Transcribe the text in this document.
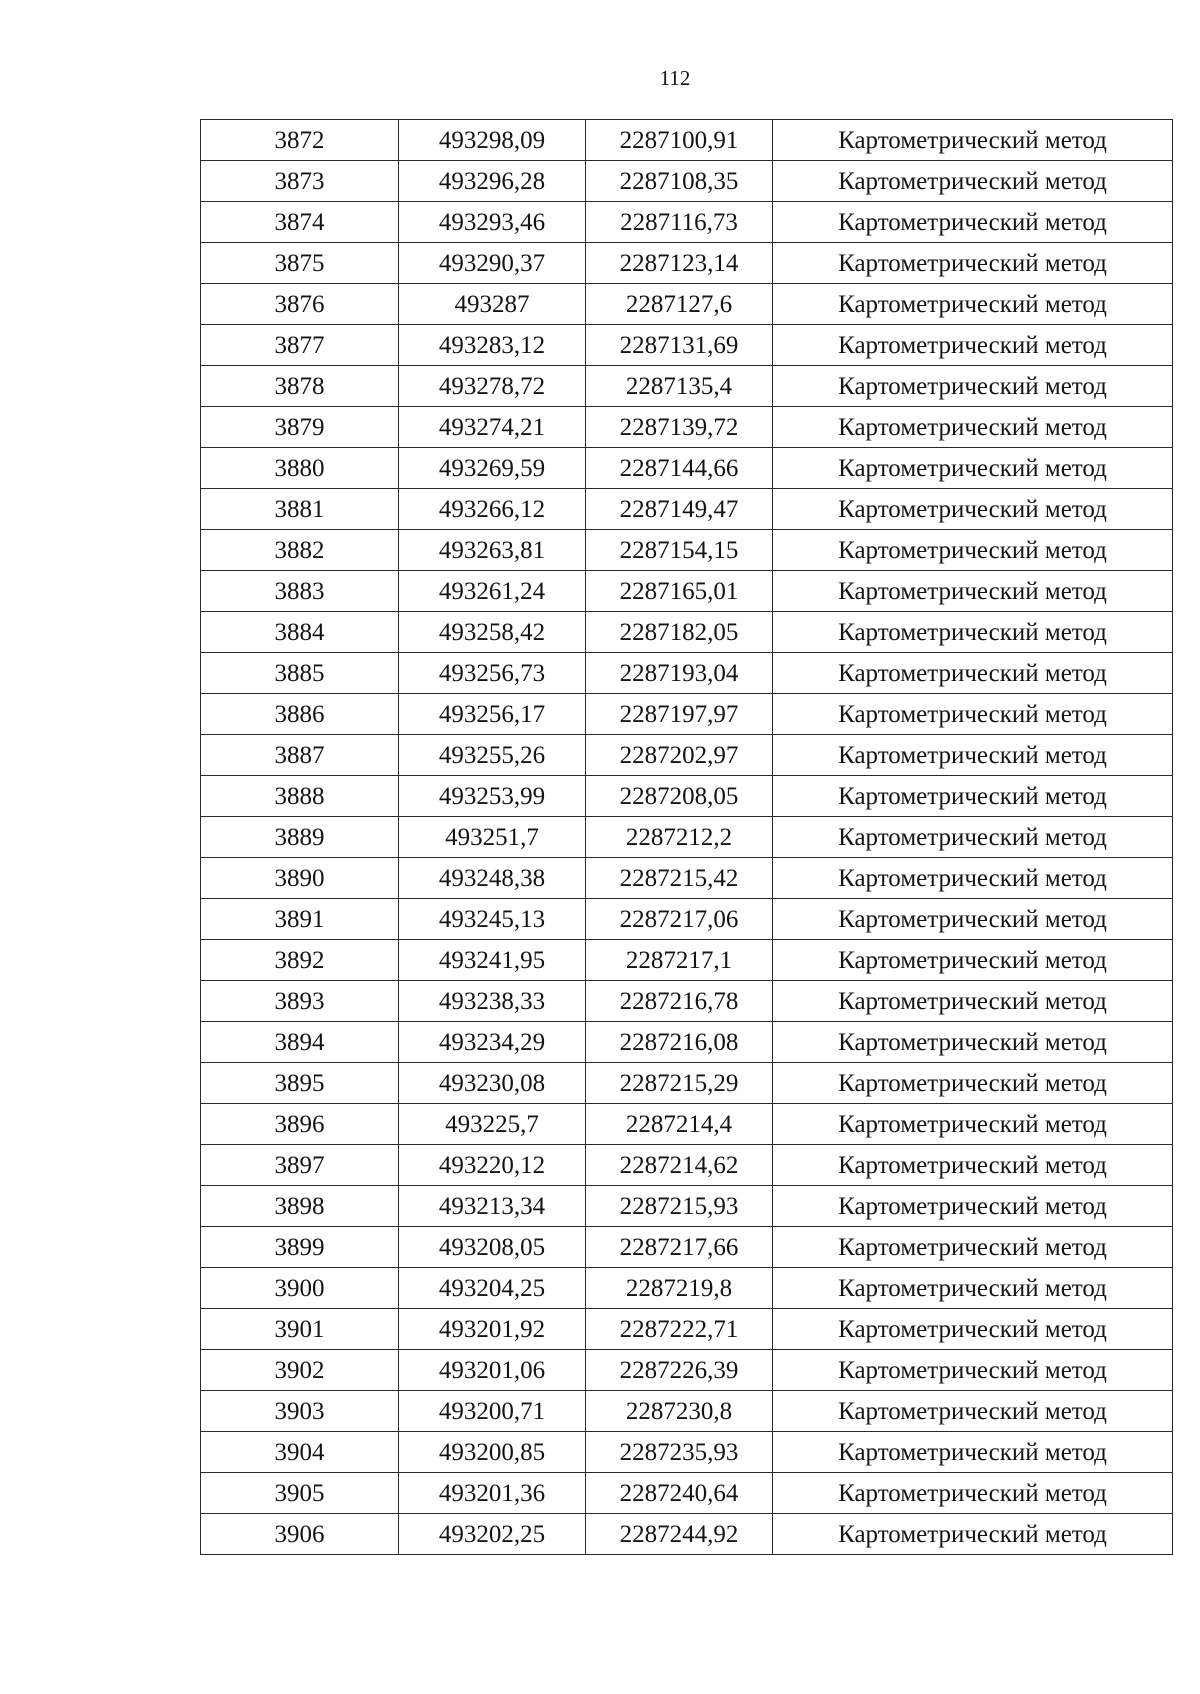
112
3872	493298,09	2287100,91	Картометрический метод
3873	493296,28	2287108,35	Картометрический метод
3874	493293,46	2287116,73	Картометрический метод
3875	493290,37	2287123,14	Картометрический метод
3876	493287	2287127,6	Картометрический метод
3877	493283,12	2287131,69	Картометрический метод
3878	493278,72	2287135,4	Картометрический метод
3879	493274,21	2287139,72	Картометрический метод
3880	493269,59	2287144,66	Картометрический метод
3881	493266,12	2287149,47	Картометрический метод
3882	493263,81	2287154,15	Картометрический метод
3883	493261,24	2287165,01	Картометрический метод
3884	493258,42	2287182,05	Картометрический метод
3885	493256,73	2287193,04	Картометрический метод
3886	493256,17	2287197,97	Картометрический метод
3887	493255,26	2287202,97	Картометрический метод
3888	493253,99	2287208,05	Картометрический метод
3889	493251,7	2287212,2	Картометрический метод
3890	493248,38	2287215,42	Картометрический метод
3891	493245,13	2287217,06	Картометрический метод
3892	493241,95	2287217,1	Картометрический метод
3893	493238,33	2287216,78	Картометрический метод
3894	493234,29	2287216,08	Картометрический метод
3895	493230,08	2287215,29	Картометрический метод
3896	493225,7	2287214,4	Картометрический метод
3897	493220,12	2287214,62	Картометрический метод
3898	493213,34	2287215,93	Картометрический метод
3899	493208,05	2287217,66	Картометрический метод
3900	493204,25	2287219,8	Картометрический метод
3901	493201,92	2287222,71	Картометрический метод
3902	493201,06	2287226,39	Картометрический метод
3903	493200,71	2287230,8	Картометрический метод
3904	493200,85	2287235,93	Картометрический метод
3905	493201,36	2287240,64	Картометрический метод
3906	493202,25	2287244,92	Картометрический метод
